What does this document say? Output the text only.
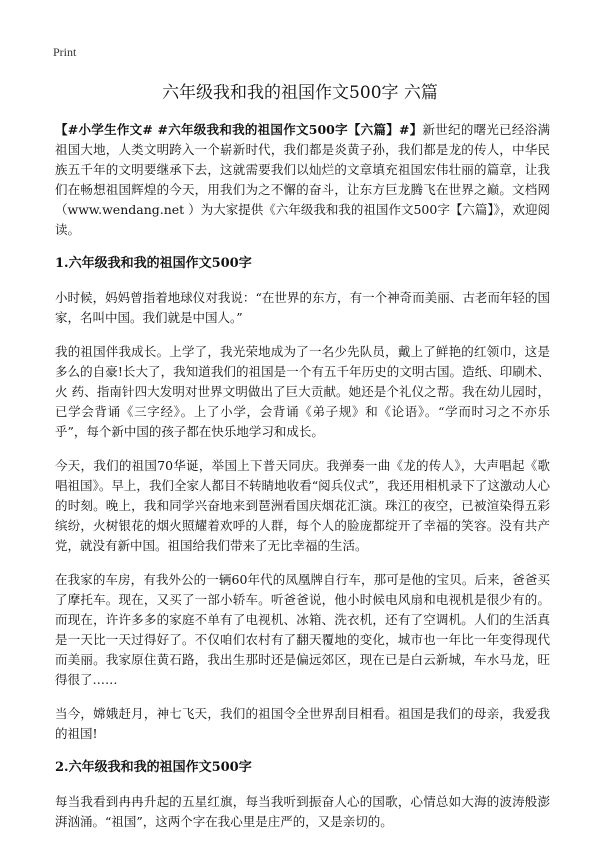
Print
六年级我和我的祖国作文500字 六篇

【#小学生作文# #六年级我和我的祖国作文500字【六篇】#】新世纪的曙光已经浴满祖国大地，人类文明跨入一个崭新时代，我们都是炎黄子孙，我们都是龙的传人，中华民族五千年的文明要继承下去，这就需要我们以灿烂的文章填充祖国宏伟壮丽的篇章，让我们在畅想祖国辉煌的今天，用我们为之不懈的奋斗，让东方巨龙腾飞在世界之巅。文档网（www.wendang.net ）为大家提供《六年级我和我的祖国作文500字【六篇】》，欢迎阅读。

1.六年级我和我的祖国作文500字

小时候，妈妈曾指着地球仪对我说：“在世界的东方，有一个神奇而美丽、古老而年轻的国家，名叫中国。我们就是中国人。”

我的祖国伴我成长。上学了，我光荣地成为了一名少先队员，戴上了鲜艳的红领巾，这是多么的自豪!长大了，我知道我们的祖国是一个有五千年历史的文明古国。造纸、印刷术、火 药、指南针四大发明对世界文明做出了巨大贡献。她还是个礼仪之帮。我在幼儿园时，已学会背诵《三字经》。上了小学，会背诵《弟子规》和《论语》。“学而时习之不亦乐乎”，每个新中国的孩子都在快乐地学习和成长。

今天，我们的祖国70华诞，举国上下普天同庆。我弹奏一曲《龙的传人》，大声唱起《歌唱祖国》。早上，我们全家人都目不转睛地收看“阅兵仪式”，我还用相机录下了这激动人心的时刻。晚上，我和同学兴奋地来到琶洲看国庆烟花汇演。珠江的夜空，已被渲染得五彩缤纷，火树银花的烟火照耀着欢呼的人群，每个人的脸庞都绽开了幸福的笑容。没有共产党，就没有新中国。祖国给我们带来了无比幸福的生活。

在我家的车房，有我外公的一辆60年代的凤凰牌自行车，那可是他的宝贝。后来，爸爸买了摩托车。现在，又买了一部小轿车。听爸爸说，他小时候电风扇和电视机是很少有的。而现在，许许多多的家庭不单有了电视机、冰箱、洗衣机，还有了空调机。人们的生活真是一天比一天过得好了。不仅咱们农村有了翻天覆地的变化，城市也一年比一年变得现代而美丽。我家原住黄石路，我出生那时还是偏远郊区，现在已是白云新城，车水马龙，旺得很了……

当今，嫦娥赶月，神七飞天，我们的祖国令全世界刮目相看。祖国是我们的母亲，我爱我的祖国!

2.六年级我和我的祖国作文500字

每当我看到冉冉升起的五星红旗，每当我听到振奋人心的国歌，心情总如大海的波涛般澎湃汹涌。“祖国”，这两个字在我心里是庄严的，又是亲切的。
